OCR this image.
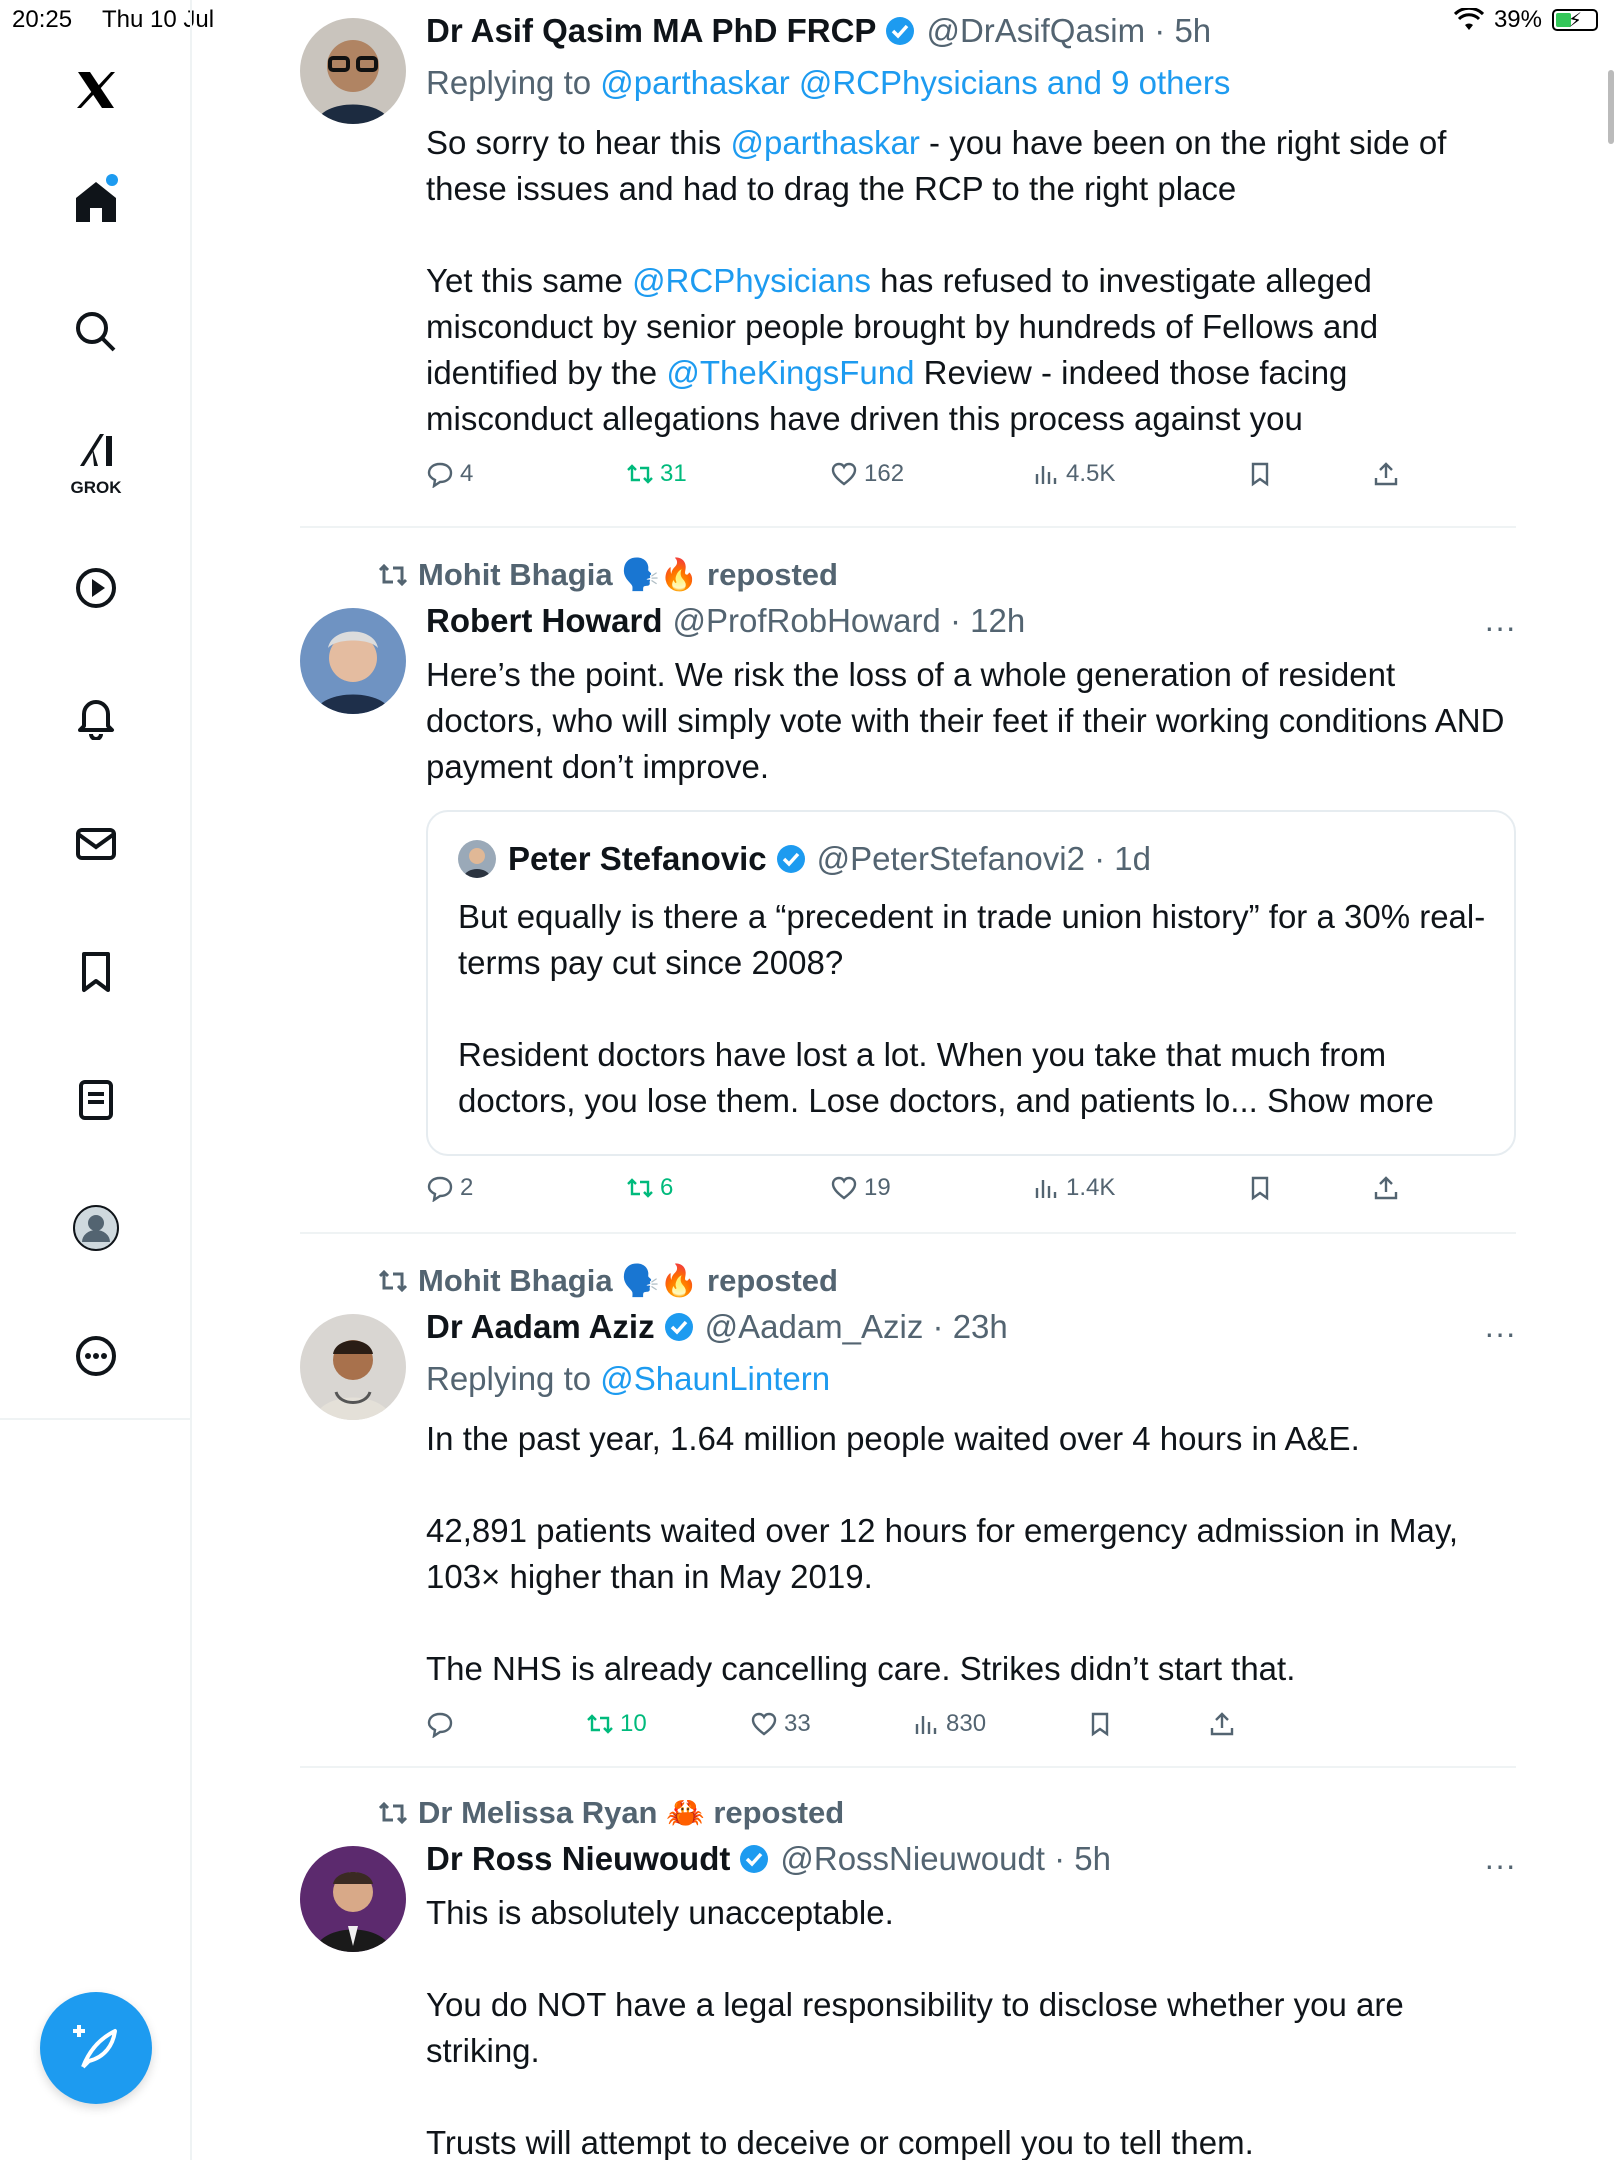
20:25 Thu 10 Jul	39%	⚡
GROK
Dr Asif Qasim MA PhD FRCP @DrAsifQasim · 5h
Replying to @parthaskar @RCPhysicians and 9 others
So sorry to hear this @parthaskar - you have been on the right side of these issues and had to drag the RCP to the right place

Yet this same @RCPhysicians has refused to investigate alleged misconduct by senior people brought by hundreds of Fellows and identified by the @TheKingsFund Review - indeed those facing misconduct allegations have driven this process against you
4	31	162	4.5K
Mohit Bhagia 🗣️🔥 reposted
Robert Howard @ProfRobHoward · 12h	···
Here’s the point. We risk the loss of a whole generation of resident doctors, who will simply vote with their feet if their working conditions AND payment don’t improve.
Peter Stefanovic @PeterStefanovi2 · 1d
But equally is there a “precedent in trade union history” for a 30% real-terms pay cut since 2008?

Resident doctors have lost a lot. When you take that much from doctors, you lose them. Lose doctors, and patients lo... Show more
2	6	19	1.4K
Mohit Bhagia 🗣️🔥 reposted
Dr Aadam Aziz @Aadam_Aziz · 23h	···
Replying to @ShaunLintern
In the past year, 1.64 million people waited over 4 hours in A&E.

42,891 patients waited over 12 hours for emergency admission in May, 103× higher than in May 2019.

The NHS is already cancelling care. Strikes didn’t start that.
10	33	830
Dr Melissa Ryan 🦀 reposted
Dr Ross Nieuwoudt @RossNieuwoudt · 5h	···
This is absolutely unacceptable.

You do NOT have a legal responsibility to disclose whether you are striking.

Trusts will attempt to deceive or compell you to tell them.
